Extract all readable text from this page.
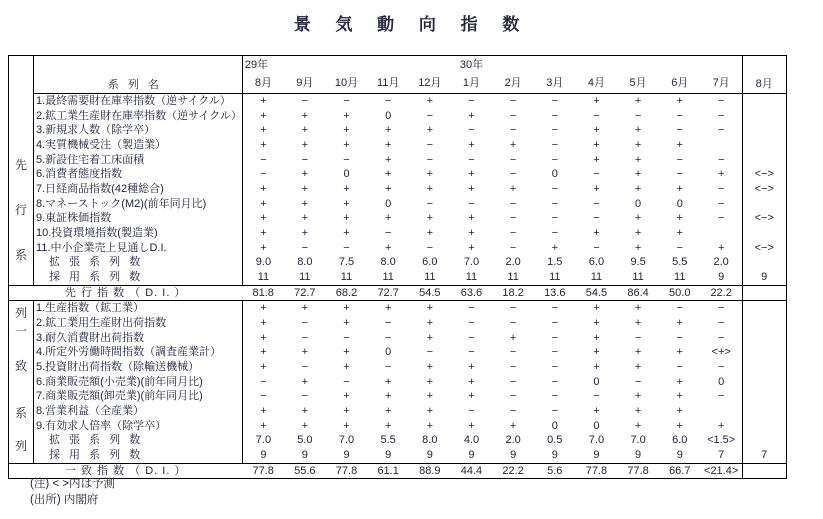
景 気 動 向 指 数
	系列名	29年					30年							8月
		8月	9月	10月	11月	12月	1月	2月	3月	4月	5月	6月	7月	

先
行
系
列	1.最終需要財在庫率指数（逆サイクル）	+	−	−	−	+	−	−	−	+	+	+	−	
	2.鉱工業生産財在庫率指数（逆サイクル）	+	+	+	0	−	+	−	−	−	−	−	−	
	3.新規求人数（除学卒）	+	+	+	+	+	−	−	−	+	+	−	−	
	4.実質機械受注（製造業）	+	+	+	+	−	+	+	−	+	+	+		
	5.新設住宅着工床面積	−	−	−	+	−	−	−	−	+	+	−	−	
	6.消費者態度指数	−	+	0	+	+	+	−	0	−	+	−	+	<−>
	7.日経商品指数(42種総合)	+	+	+	+	+	+	+	−	+	+	+	−	<−>
	8.マネーストック(M2)(前年同月比)	+	+	+	0	−	−	−	−	−	0	0	−	
	9.東証株価指数	+	+	+	+	+	+	−	−	−	+	+	−	<−>
	10.投資環境指数(製造業)	+	+	+	−	+	+	−	−	+	+	+		
	11.中小企業売上見通しD.I.	+	−	−	+	−	+	−	+	−	+	−	+	<−>
	拡 張 系 列 数	9.0	8.0	7.5	8.0	6.0	7.0	2.0	1.5	6.0	9.5	5.5	2.0	
	採 用 系 列 数	11	11	11	11	11	11	11	11	11	11	11	9	9
先 行 指 数 （ D. I. ）		81.8	72.7	68.2	72.7	54.5	63.6	18.2	13.6	54.5	86.4	50.0	22.2	

一
致
系
列	1.生産指数（鉱工業）	+	+	+	+	+	−	−	−	+	+	−	−	
	2.鉱工業用生産財出荷指数	+	−	+	−	+	−	−	−	+	+	+	−	
	3.耐久消費財出荷指数	+	−	−	−	+	−	+	−	+	−	−	−	
	4.所定外労働時間指数（調査産業計）	+	+	+	0	−	−	−	−	+	+	+	<+>	
	5.投資財出荷指数（除輸送機械）	+	−	+	−	+	+	−	−	+	+	−	−	
	6.商業販売額(小売業)(前年同月比)	−	+	−	+	+	+	−	−	0	−	+	0	
	7.商業販売額(卸売業)(前年同月比)	−	−	+	+	+	+	−	−	−	+	+	−	
	8.営業利益（全産業）	+	+	+	+	+	−	−	−	+	+	+		
	9.有効求人倍率（除学卒）	+	+	+	+	+	+	+	0	0	+	+	+	
	拡 張 系 列 数	7.0	5.0	7.0	5.5	8.0	4.0	2.0	0.5	7.0	7.0	6.0	<1.5>	
	採 用 系 列 数	9	9	9	9	9	9	9	9	9	9	9	7	7
一 致 指 数 （ D. I. ）		77.8	55.6	77.8	61.1	88.9	44.4	22.2	5.6	77.8	77.8	66.7	<21.4>	
(注) < >内は予測
(出所) 内閣府
